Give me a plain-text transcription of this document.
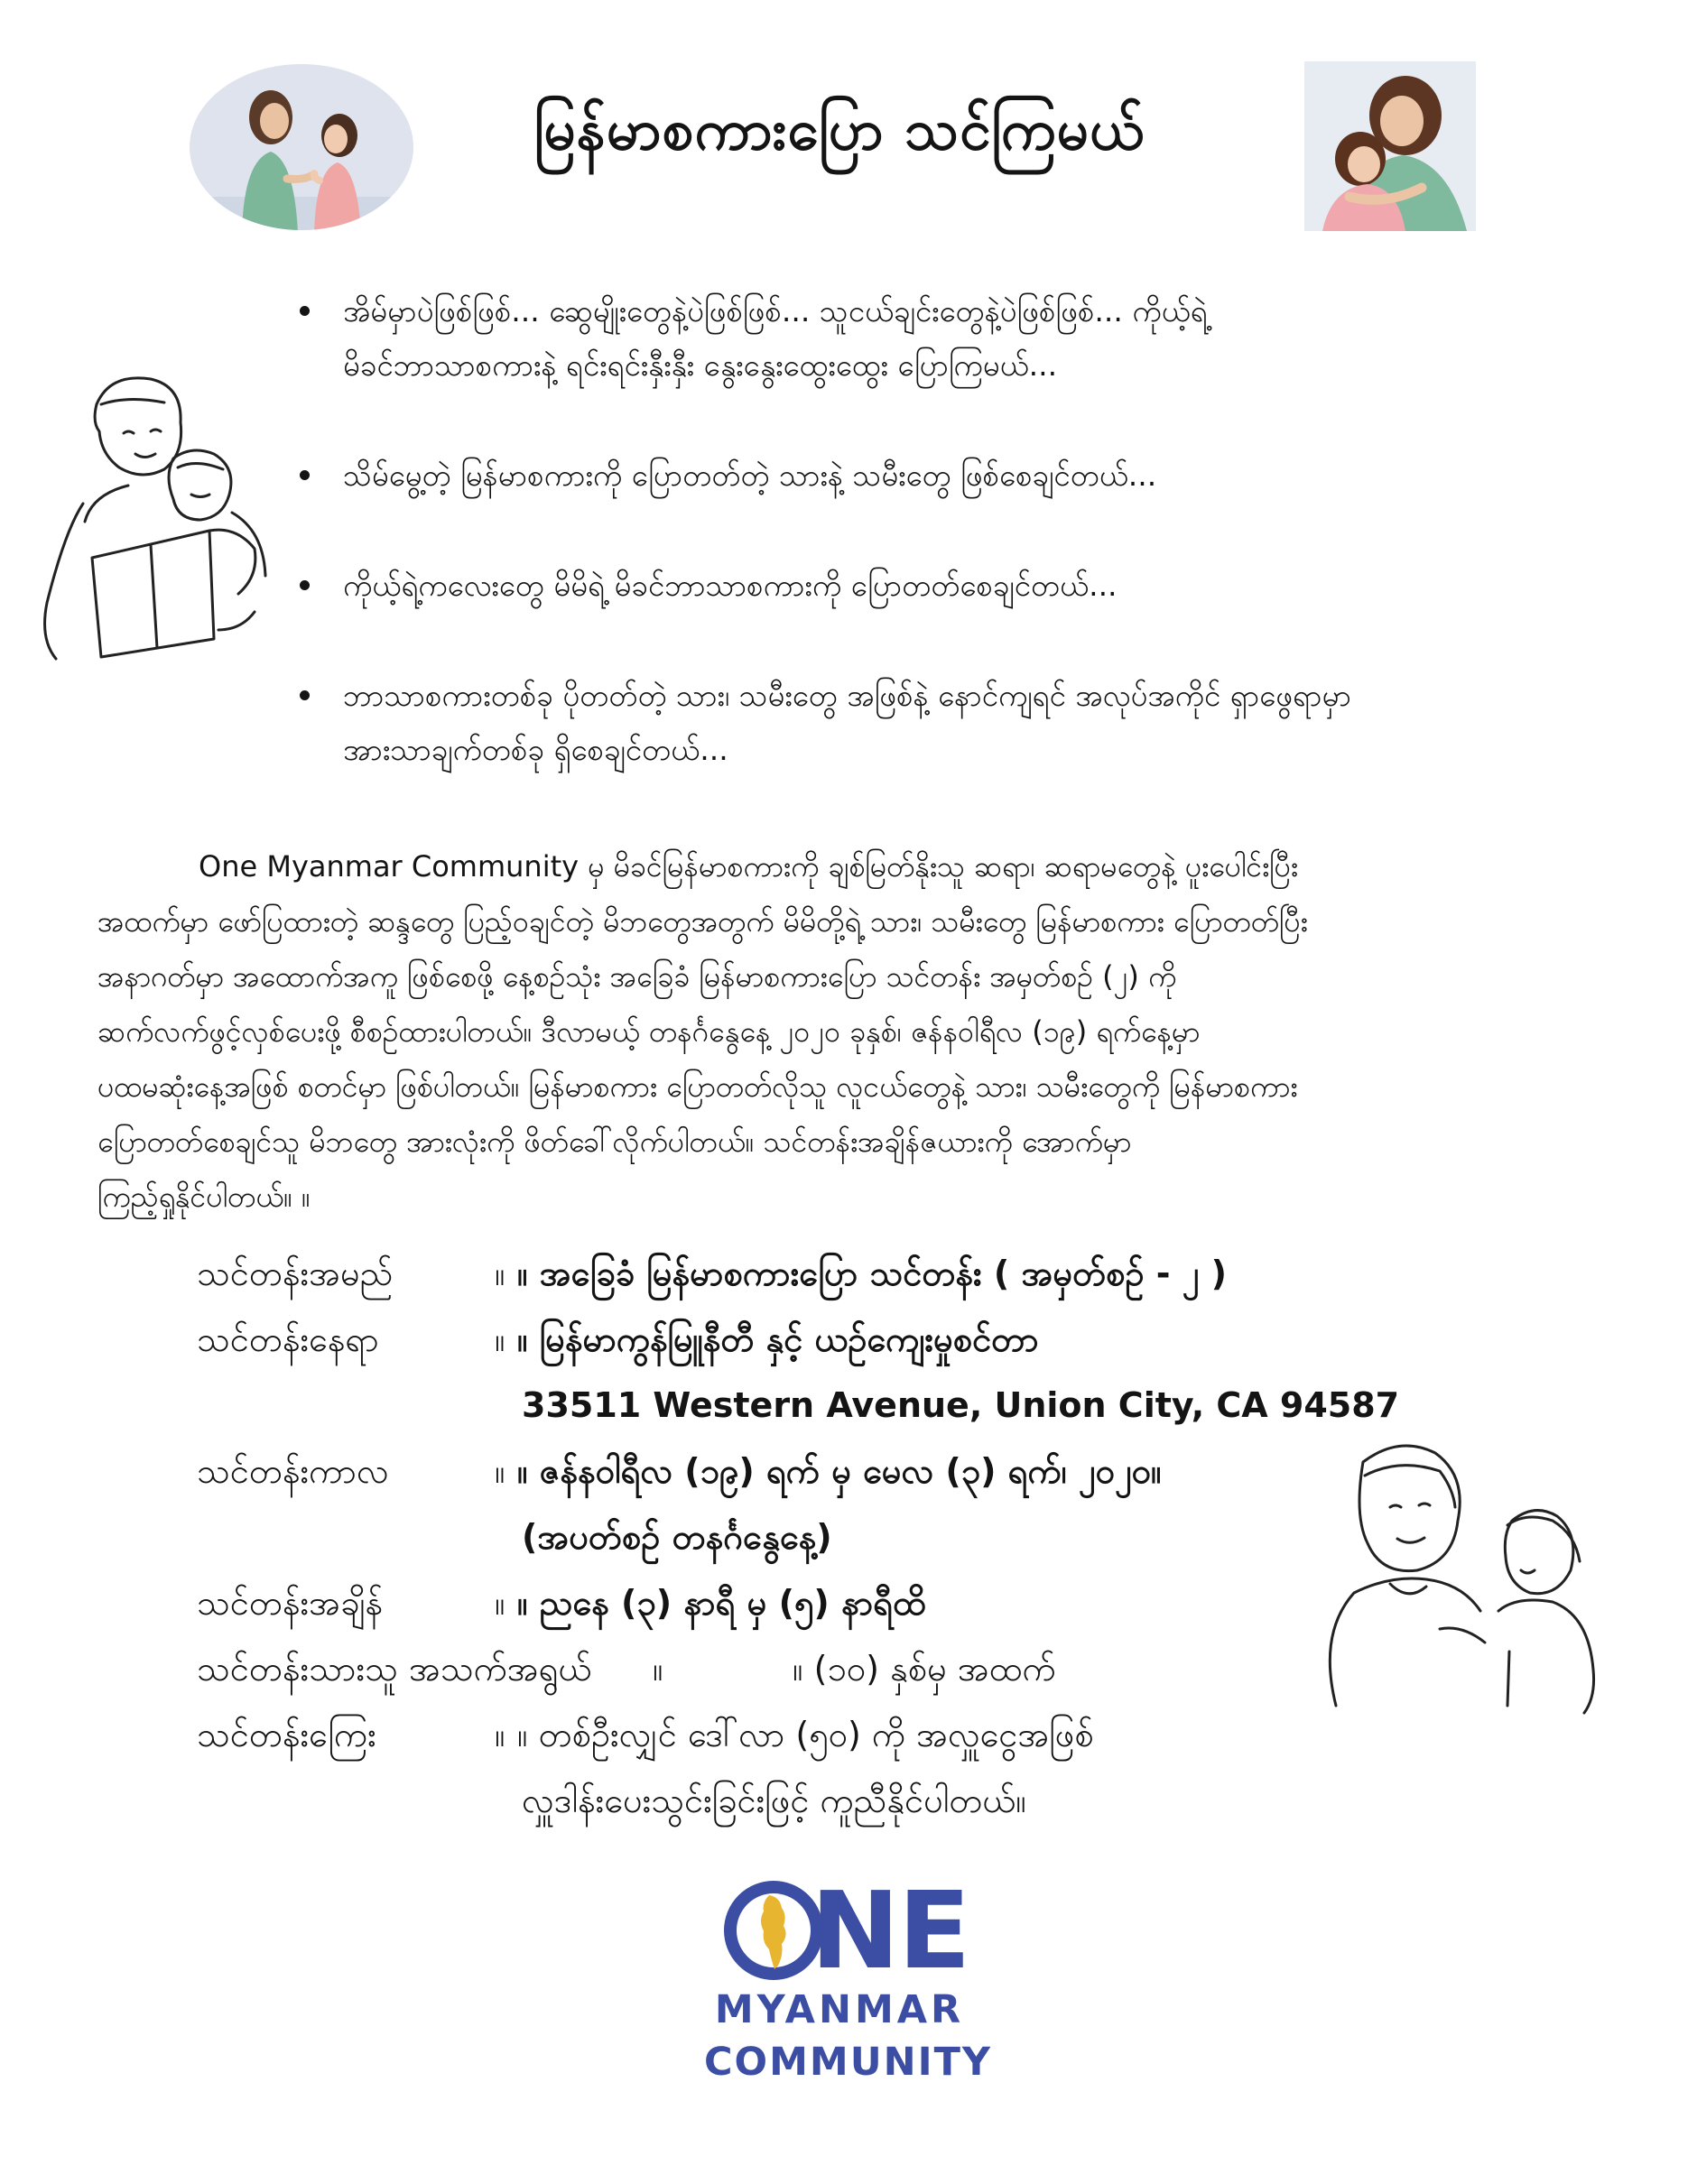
မြန်မာစကားပြော သင်ကြမယ်
အိမ်မှာပဲဖြစ်ဖြစ်... ဆွေမျိုးတွေနဲ့ပဲဖြစ်ဖြစ်... သူငယ်ချင်းတွေနဲ့ပဲဖြစ်ဖြစ်... ကိုယ့်ရဲ့
မိခင်ဘာသာစကားနဲ့ ရင်းရင်းနှီးနှီး နွေးနွေးထွေးထွေး ပြောကြမယ်...
သိမ်မွေ့တဲ့ မြန်မာစကားကို ပြောတတ်တဲ့ သားနဲ့ သမီးတွေ ဖြစ်စေချင်တယ်...
ကိုယ့်ရဲ့ကလေးတွေ မိမိရဲ့ မိခင်ဘာသာစကားကို ပြောတတ်စေချင်တယ်...
ဘာသာစကားတစ်ခု ပိုတတ်တဲ့ သား၊ သမီးတွေ အဖြစ်နဲ့ နောင်ကျရင် အလုပ်အကိုင် ရှာဖွေရာမှာ
အားသာချက်တစ်ခု ရှိစေချင်တယ်...
One Myanmar Community မှ မိခင်မြန်မာစကားကို ချစ်မြတ်နိုးသူ ဆရာ၊ ဆရာမတွေနဲ့ ပူးပေါင်းပြီး
အထက်မှာ ဖော်ပြထားတဲ့ ဆန္ဒတွေ ပြည့်ဝချင်တဲ့ မိဘတွေအတွက် မိမိတို့ရဲ့ သား၊ သမီးတွေ မြန်မာစကား ပြောတတ်ပြီး
အနာဂတ်မှာ အထောက်အကူ ဖြစ်စေဖို့ နေ့စဥ်သုံး အခြေခံ မြန်မာစကားပြော သင်တန်း အမှတ်စဥ် (၂) ကို
ဆက်လက်ဖွင့်လှစ်ပေးဖို့ စီစဥ်ထားပါတယ်။ ဒီလာမယ့် တနင်္ဂနွေနေ့ ၂၀၂၀ ခုနှစ်၊ ဇန်နဝါရီလ (၁၉) ရက်နေ့မှာ
ပထမဆုံးနေ့အဖြစ် စတင်မှာ ဖြစ်ပါတယ်။ မြန်မာစကား ပြောတတ်လိုသူ လူငယ်တွေနဲ့ သား၊ သမီးတွေကို မြန်မာစကား
ပြောတတ်စေချင်သူ မိဘတွေ အားလုံးကို ဖိတ်ခေါ်လိုက်ပါတယ်။ သင်တန်းအချိန်ဇယားကို အောက်မှာ
ကြည့်ရှုနိုင်ပါတယ်။ ။
သင်တန်းအမည်	။ ။ အခြေခံ မြန်မာစကားပြော သင်တန်း ( အမှတ်စဥ် - ၂ )
သင်တန်းနေရာ	။ ။ မြန်မာကွန်မြူနီတီ နှင့် ယဥ်ကျေးမှုစင်တာ
33511 Western Avenue, Union City, CA 94587
သင်တန်းကာလ	။ ။ ဇန်နဝါရီလ (၁၉) ရက် မှ မေလ (၃) ရက်၊ ၂၀၂၀။
(အပတ်စဥ် တနင်္ဂနွေနေ့)
သင်တန်းအချိန်	။ ။ ညနေ (၃) နာရီ မှ (၅) နာရီထိ
သင်တန်းသားသူ အသက်အရွယ် ။	။ (၁၀) နှစ်မှ အထက်
သင်တန်းကြေး	။ ။ တစ်ဦးလျှင် ဒေါ်လာ (၅၀) ကို အလှူငွေအဖြစ်
လှူဒါန်းပေးသွင်းခြင်းဖြင့် ကူညီနိုင်ပါတယ်။
NE
MYANMAR
COMMUNITY
